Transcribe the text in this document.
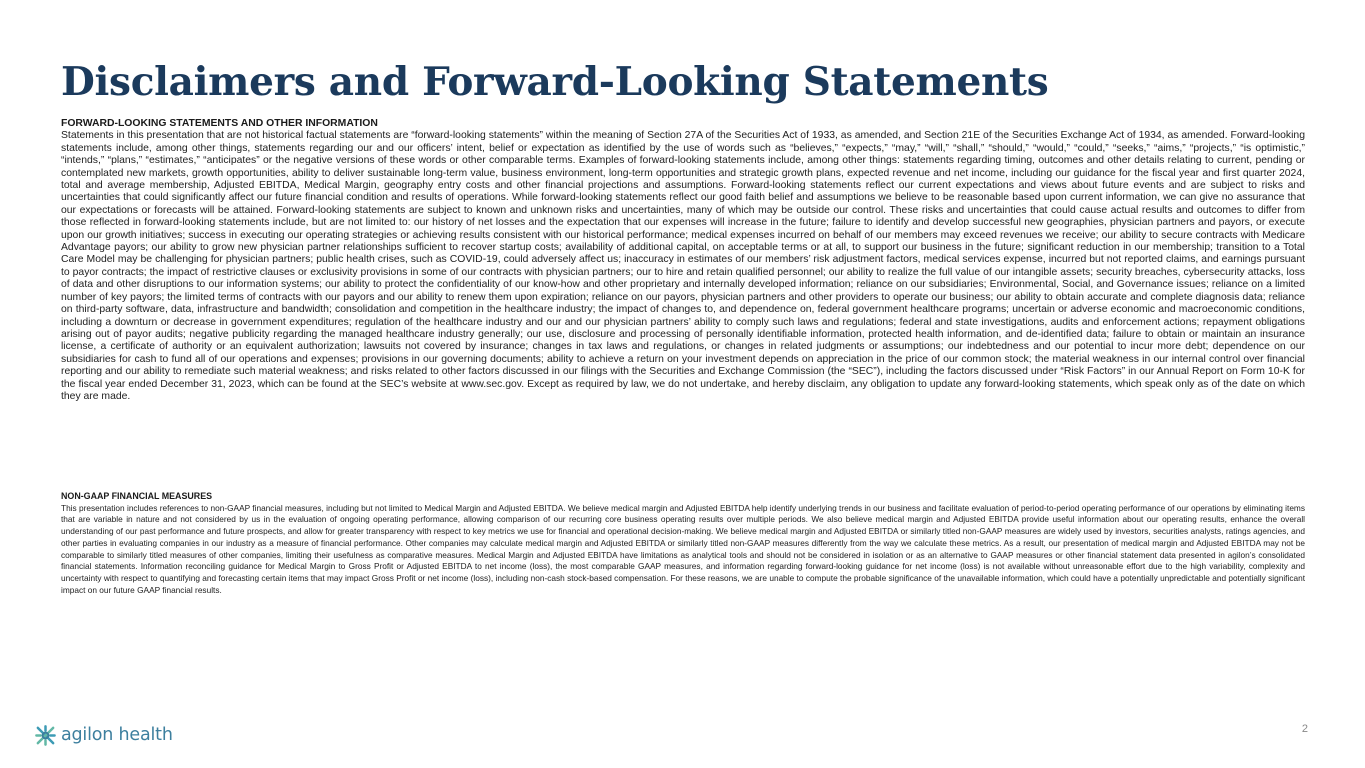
Disclaimers and Forward-Looking Statements

FORWARD-LOOKING STATEMENTS AND OTHER INFORMATION

Statements in this presentation that are not historical factual statements are “forward-looking statements” within the meaning of Section 27A of the Securities Act of 1933, as amended, and Section 21E of the Securities Exchange Act of 1934, as amended. Forward-looking statements include, among other things, statements regarding our and our officers’ intent, belief or expectation as identified by the use of words such as “believes,” “expects,” “may,” “will,” “shall,” “should,” “would,” “could,” “seeks,” “aims,” “projects,” “is optimistic,” “intends,” “plans,” “estimates,” “anticipates” or the negative versions of these words or other comparable terms. Examples of forward-looking statements include, among other things: statements regarding timing, outcomes and other details relating to current, pending or contemplated new markets, growth opportunities, ability to deliver sustainable long-term value, business environment, long-term opportunities and strategic growth plans, expected revenue and net income, including our guidance for the fiscal year and first quarter 2024, total and average membership, Adjusted EBITDA, Medical Margin, geography entry costs and other financial projections and assumptions. Forward-looking statements reflect our current expectations and views about future events and are subject to risks and uncertainties that could significantly affect our future financial condition and results of operations. While forward-looking statements reflect our good faith belief and assumptions we believe to be reasonable based upon current information, we can give no assurance that our expectations or forecasts will be attained. Forward-looking statements are subject to known and unknown risks and uncertainties, many of which may be outside our control. These risks and uncertainties that could cause actual results and outcomes to differ from those reflected in forward-looking statements include, but are not limited to: our history of net losses and the expectation that our expenses will increase in the future; failure to identify and develop successful new geographies, physician partners and payors, or execute upon our growth initiatives; success in executing our operating strategies or achieving results consistent with our historical performance; medical expenses incurred on behalf of our members may exceed revenues we receive; our ability to secure contracts with Medicare Advantage payors; our ability to grow new physician partner relationships sufficient to recover startup costs; availability of additional capital, on acceptable terms or at all, to support our business in the future; significant reduction in our membership; transition to a Total Care Model may be challenging for physician partners; public health crises, such as COVID-19, could adversely affect us; inaccuracy in estimates of our members’ risk adjustment factors, medical services expense, incurred but not reported claims, and earnings pursuant to payor contracts; the impact of restrictive clauses or exclusivity provisions in some of our contracts with physician partners; our to hire and retain qualified personnel; our ability to realize the full value of our intangible assets; security breaches, cybersecurity attacks, loss of data and other disruptions to our information systems; our ability to protect the confidentiality of our know-how and other proprietary and internally developed information; reliance on our subsidiaries; Environmental, Social, and Governance issues; reliance on a limited number of key payors; the limited terms of contracts with our payors and our ability to renew them upon expiration; reliance on our payors, physician partners and other providers to operate our business; our ability to obtain accurate and complete diagnosis data; reliance on third-party software, data, infrastructure and bandwidth; consolidation and competition in the healthcare industry; the impact of changes to, and dependence on, federal government healthcare programs; uncertain or adverse economic and macroeconomic conditions, including a downturn or decrease in government expenditures; regulation of the healthcare industry and our and our physician partners’ ability to comply such laws and regulations; federal and state investigations, audits and enforcement actions; repayment obligations arising out of payor audits; negative publicity regarding the managed healthcare industry generally; our use, disclosure and processing of personally identifiable information, protected health information, and de-identified data; failure to obtain or maintain an insurance license, a certificate of authority or an equivalent authorization; lawsuits not covered by insurance; changes in tax laws and regulations, or changes in related judgments or assumptions; our indebtedness and our potential to incur more debt; dependence on our subsidiaries for cash to fund all of our operations and expenses; provisions in our governing documents; ability to achieve a return on your investment depends on appreciation in the price of our common stock; the material weakness in our internal control over financial reporting and our ability to remediate such material weakness; and risks related to other factors discussed in our filings with the Securities and Exchange Commission (the “SEC”), including the factors discussed under “Risk Factors” in our Annual Report on Form 10-K for the fiscal year ended December 31, 2023, which can be found at the SEC’s website at www.sec.gov. Except as required by law, we do not undertake, and hereby disclaim, any obligation to update any forward-looking statements, which speak only as of the date on which they are made.

NON-GAAP FINANCIAL MEASURES

This presentation includes references to non-GAAP financial measures, including but not limited to Medical Margin and Adjusted EBITDA. We believe medical margin and Adjusted EBITDA help identify underlying trends in our business and facilitate evaluation of period-to-period operating performance of our operations by eliminating items that are variable in nature and not considered by us in the evaluation of ongoing operating performance, allowing comparison of our recurring core business operating results over multiple periods. We also believe medical margin and Adjusted EBITDA provide useful information about our operating results, enhance the overall understanding of our past performance and future prospects, and allow for greater transparency with respect to key metrics we use for financial and operational decision-making. We believe medical margin and Adjusted EBITDA or similarly titled non-GAAP measures are widely used by investors, securities analysts, ratings agencies, and other parties in evaluating companies in our industry as a measure of financial performance. Other companies may calculate medical margin and Adjusted EBITDA or similarly titled non-GAAP measures differently from the way we calculate these metrics. As a result, our presentation of medical margin and Adjusted EBITDA may not be comparable to similarly titled measures of other companies, limiting their usefulness as comparative measures. Medical Margin and Adjusted EBITDA have limitations as analytical tools and should not be considered in isolation or as an alternative to GAAP measures or other financial statement data presented in agilon’s consolidated financial statements. Information reconciling guidance for Medical Margin to Gross Profit or Adjusted EBITDA to net income (loss), the most comparable GAAP measures, and information regarding forward-looking guidance for net income (loss) is not available without unreasonable effort due to the high variability, complexity and uncertainty with respect to quantifying and forecasting certain items that may impact Gross Profit or net income (loss), including non-cash stock-based compensation. For these reasons, we are unable to compute the probable significance of the unavailable information, which could have a potentially unpredictable and potentially significant impact on our future GAAP financial results.

agilon health	2
